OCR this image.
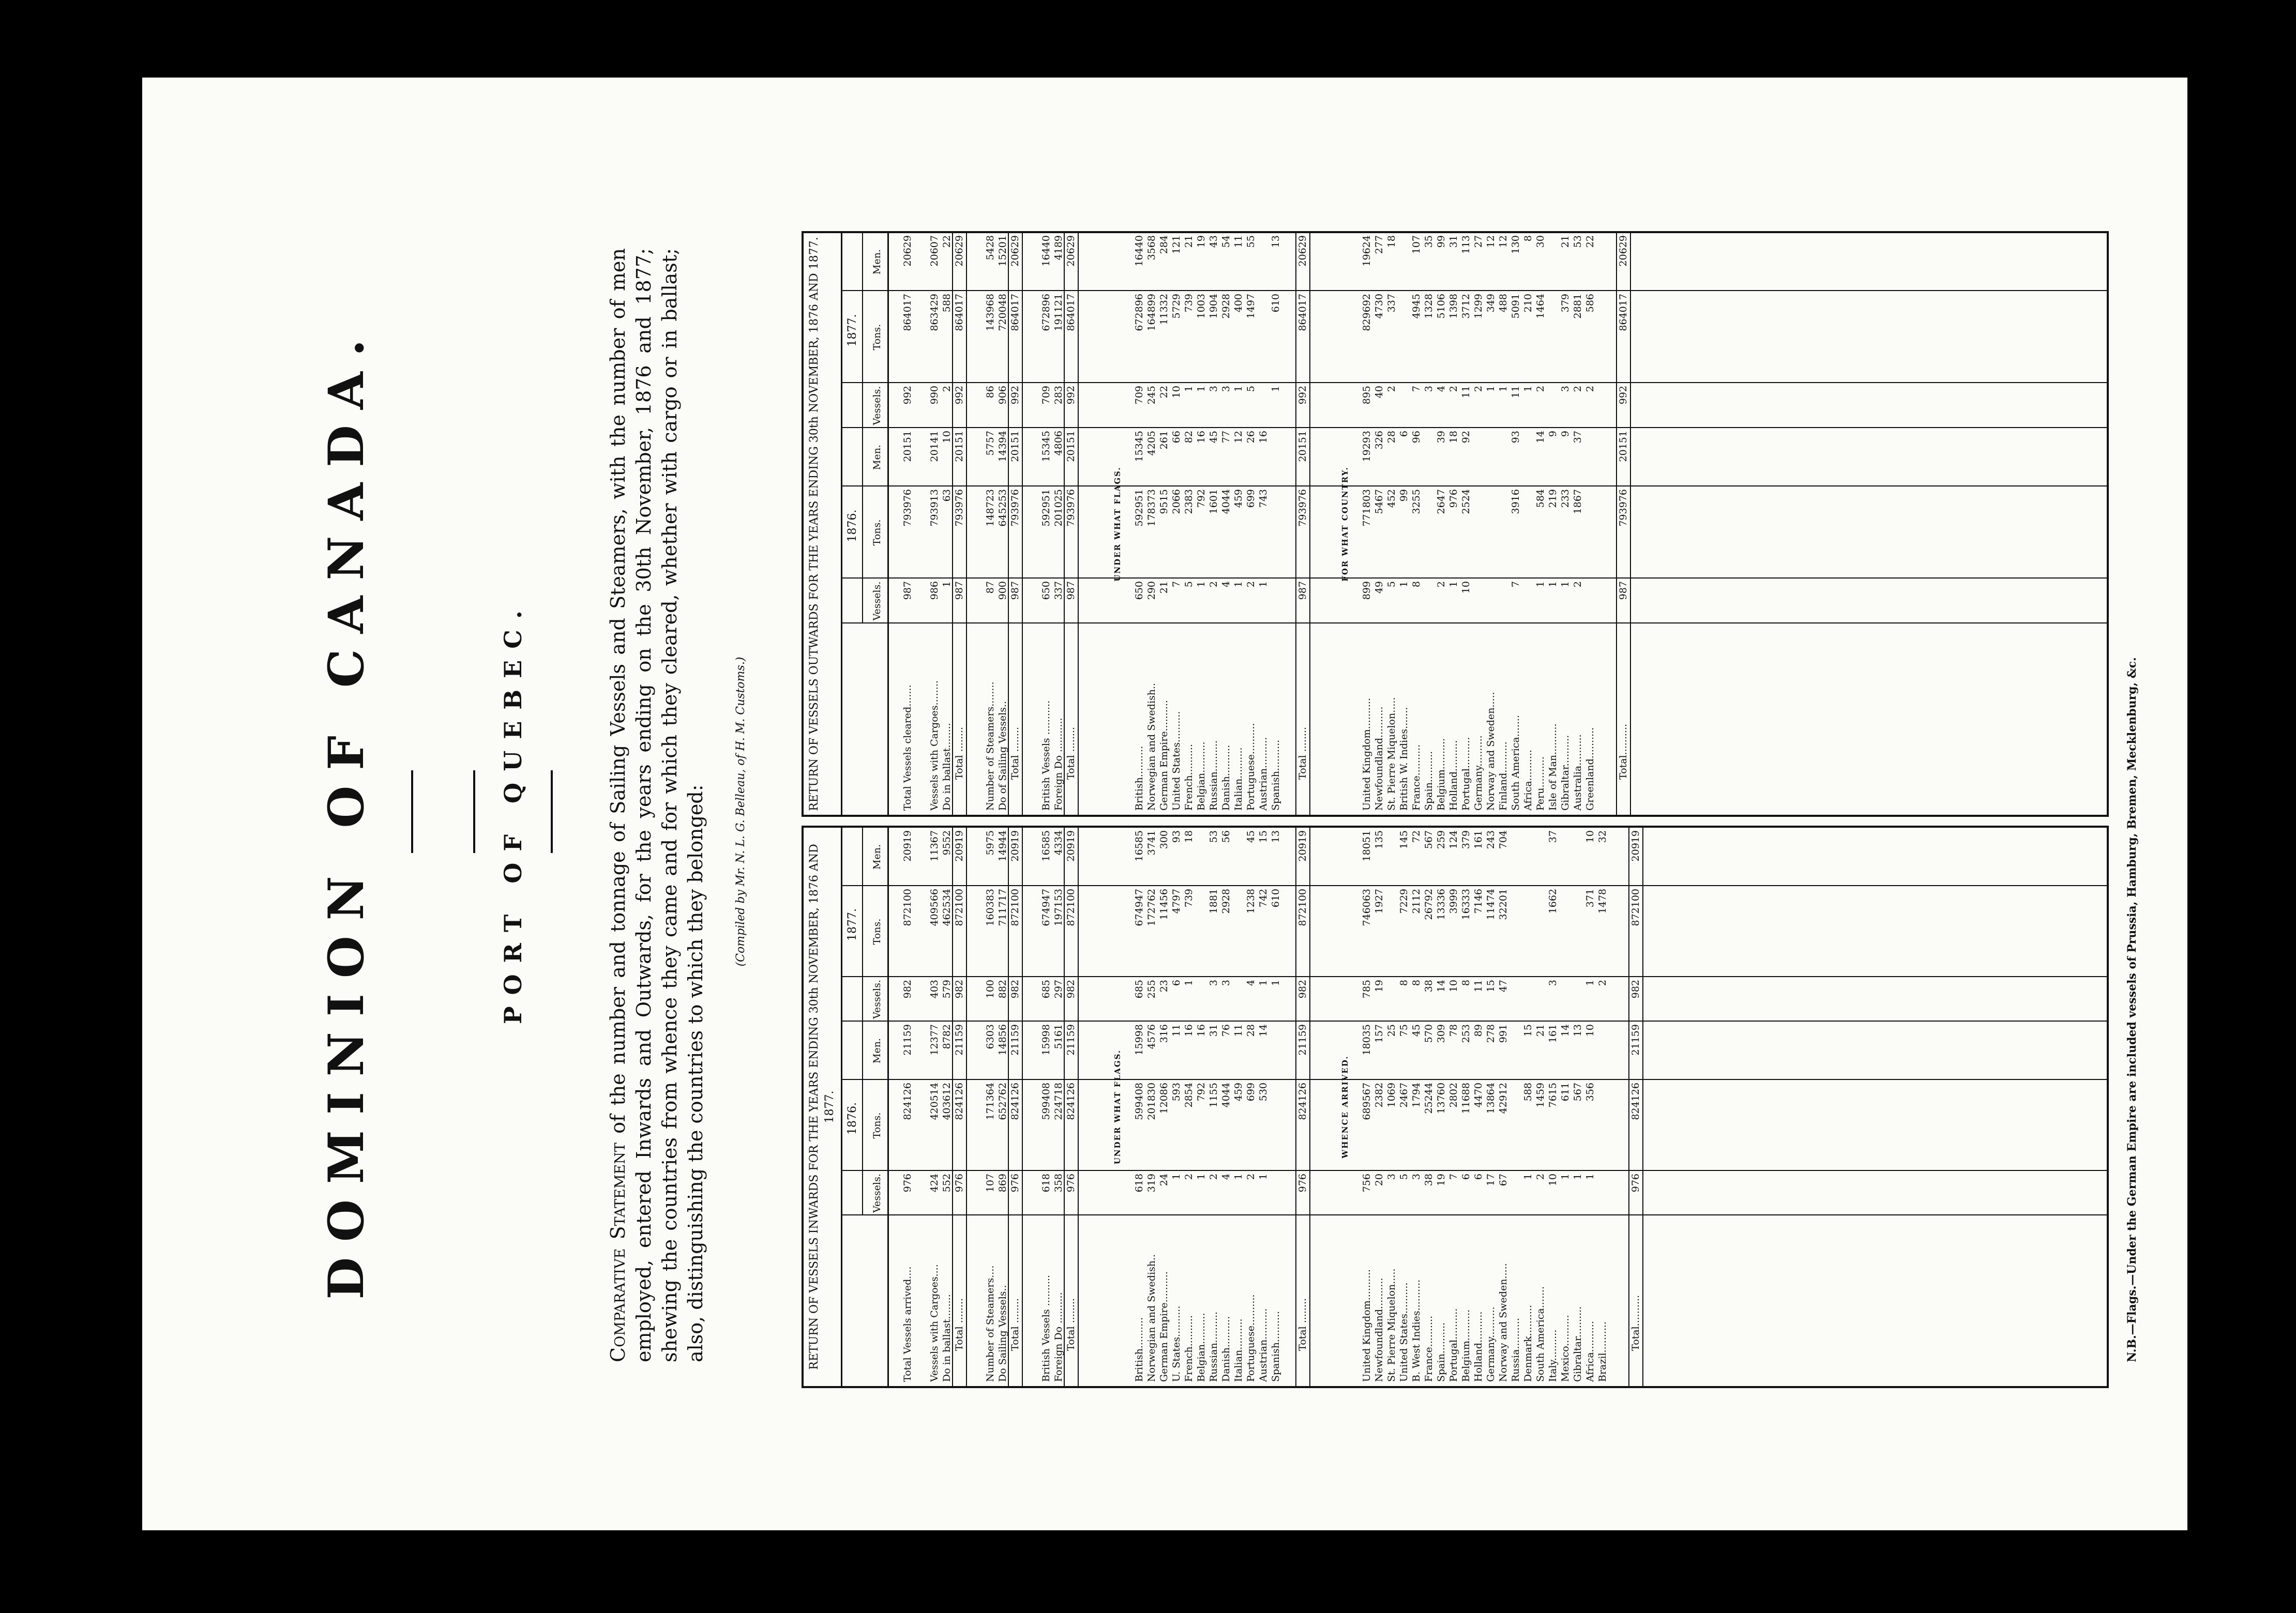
DOMINION OF CANADA.	PORT OF QUEBEC.
Comparative Statement of the number and tonnage of Sailing Vessels and Steamers, with the number of men employed, entered Inwards and Outwards, for the years ending on the 30th November, 1876 and 1877; shewing the countries from whence they came and for which they cleared, whether with cargo or in ballast; also, distinguishing the countries to which they belonged: (Compiled by Mr. N. L. G. Belleau, of H. M. Customs.)
RETURN OF VESSELS INWARDS FOR THE YEARS ENDING 30th NOVEMBER, 1876 AND 1877. 1876.
Vessels.
Tons.
Men.
1877.
Vessels.
Tons.
Men.
Total Vessels arrived....
976
824126
21159
982
872100
20919
Vessels with Cargoes....
424
420514
12377
403
409566
11367
Do in ballast........
552
403612
8782
579
462534
9552
Total ........
976
824126
21159
982
872100
20919
Number of Steamers....
107
171364
6303
100
160383
5975
Do Sailing Vessels..
869
652762
14856
882
711717
14944
Total ........
976
824126
21159
982
872100
20919
British Vessels ..........
618
599408
15998
685
674947
16585
Foreign Do ..........
358
224718
5161
297
197153
4334
Total ........
976
824126
21159
982
872100
20919
UNDER WHAT FLAGS.
British..........
618
599408
15998
685
674947
16585
Norwegian and Swedish..
319
201830
4576
255
172762
3741
German Empire..........
24
12086
316
23
11456
300
U. States..........
1
593
11
6
4797
93
French..........
2
2854
16
1
739
18
Belgian..........
1
792
16
Russian..........
2
1155
31
3
1881
53
Danish..........
4
4044
76
3
2928
56
Italian..........
1
459
11
Portuguese..........
2
699
28
4
1238
45
Austrian..........
1
530
14
1
742
15
Spanish..........
1
610
13
Total ........
976
824126
21159
982
872100
20919
WHENCE ARRIVED.
United Kingdom..........
756
689567
18035
785
746063
18051
Newfoundland..........
20
2382
157
19
1927
135
St. Pierre Miquelon.....
3
1069
25
United States..........
5
2467
75
8
7229
145
B. West Indies..........
3
1794
45
8
2112
72
France..........
38
25244
570
38
26792
567
Spain..........
19
13760
309
14
13336
259
Portugal..........
7
2802
78
10
3999
124
Belgium..........
6
11688
253
8
16333
379
Holland..........
6
4470
89
11
7146
161
Germany..........
17
13864
278
15
11474
243
Norway and Sweden.....
67
42912
991
47
32201
704
Russia.......... Denmark..........
1
588
15
South America.......
2
1459
21
Italy..........
10
7615
161
3
1662
37
Mexico..........
1
611
14
Gibraltar..........
1
567
13
Africa..........
1
356
10
1
371
10
Brazil..........
2
1478
32
Total..........
976
824126
21159
982
872100
20919
RETURN OF VESSELS OUTWARDS FOR THE YEARS ENDING 30th NOVEMBER, 1876 AND 1877.	1876.
Vessels.
Tons.
Men.
1877.
Vessels.
Tons.
Men.
Total Vessels cleared.......
987
793976
20151
992
864017
20629
Vessels with Cargoes........
986
793913
20141
990
863429
20607
Do in ballast........
1
63
10
2
588
22
Total ........
987
793976
20151
992
864017
20629
Number of Steamers........
87
148723
5757
86
143968
5428
Do of Sailing Vessels..
900
645253
14394
906
720048
15201
Total ........
987
793976
20151
992
864017
20629
British Vessels ...........
650
592951
15345
709
672896
16440
Foreign Do ...........
337
201025
4806
283
191121
4189
Total ........
987
793976
20151
992
864017
20629
UNDER WHAT FLAGS.
British..........
650
592951
15345
709
672896
16440
Norwegian and Swedish..
290
178373
4205
245
164899
3568
German Empire..........
21
9515
261
22
11332
284
United States..........
7
2066
66
10
5729
121
French..........
5
2383
82
1
739
21
Belgian..........
1
792
16
1
1003
19
Russian..........
2
1601
45
3
1904
43
Danish..........
4
4044
77
3
2928
54
Italian..........
1
459
12
1
400
11
Portuguese..........
2
699
26
5
1497
55
Austrian..........
1
743
16
Spanish..........
1
610
13
Total ........
987
793976
20151
992
864017
20629
FOR WHAT COUNTRY.
United Kingdom..........
899
771803
19293
895
829692
19624
Newfoundland..........
49
5467
326
40
4730
277
St. Pierre Miquelon.....
5
452
28
2
337
18
British W. Indies.......
1
99
6
France..........
8
3255
96
7
4945
107
Spain..........
3
1328
35
Belgium..........
2
2647
39
4
5106
99
Holland..........
1
976
18
2
1398
31
Portugal..........
10
2524
92
11
3712
113
Germany..........
2
1299
27
Norway and Sweden.....
1
349
12
Finland..........
1
488
12
South America.......
7
3916
93
11
5091
130
Africa..........
1
210
8
Peru..........
1
584
14
2
1464
30
Isle of Man..........
1
219
9
Gibraltar..........
1
233
9
3
379
21
Australia..........
2
1867
37
2
2881
53
Greenland..........
2
586
22
Total..........
987
793976
20151
992
864017
20629
N.B.—Flags.—Under the German Empire are included vessels of Prussia, Hamburg, Bremen, Mecklenburg, &c.
